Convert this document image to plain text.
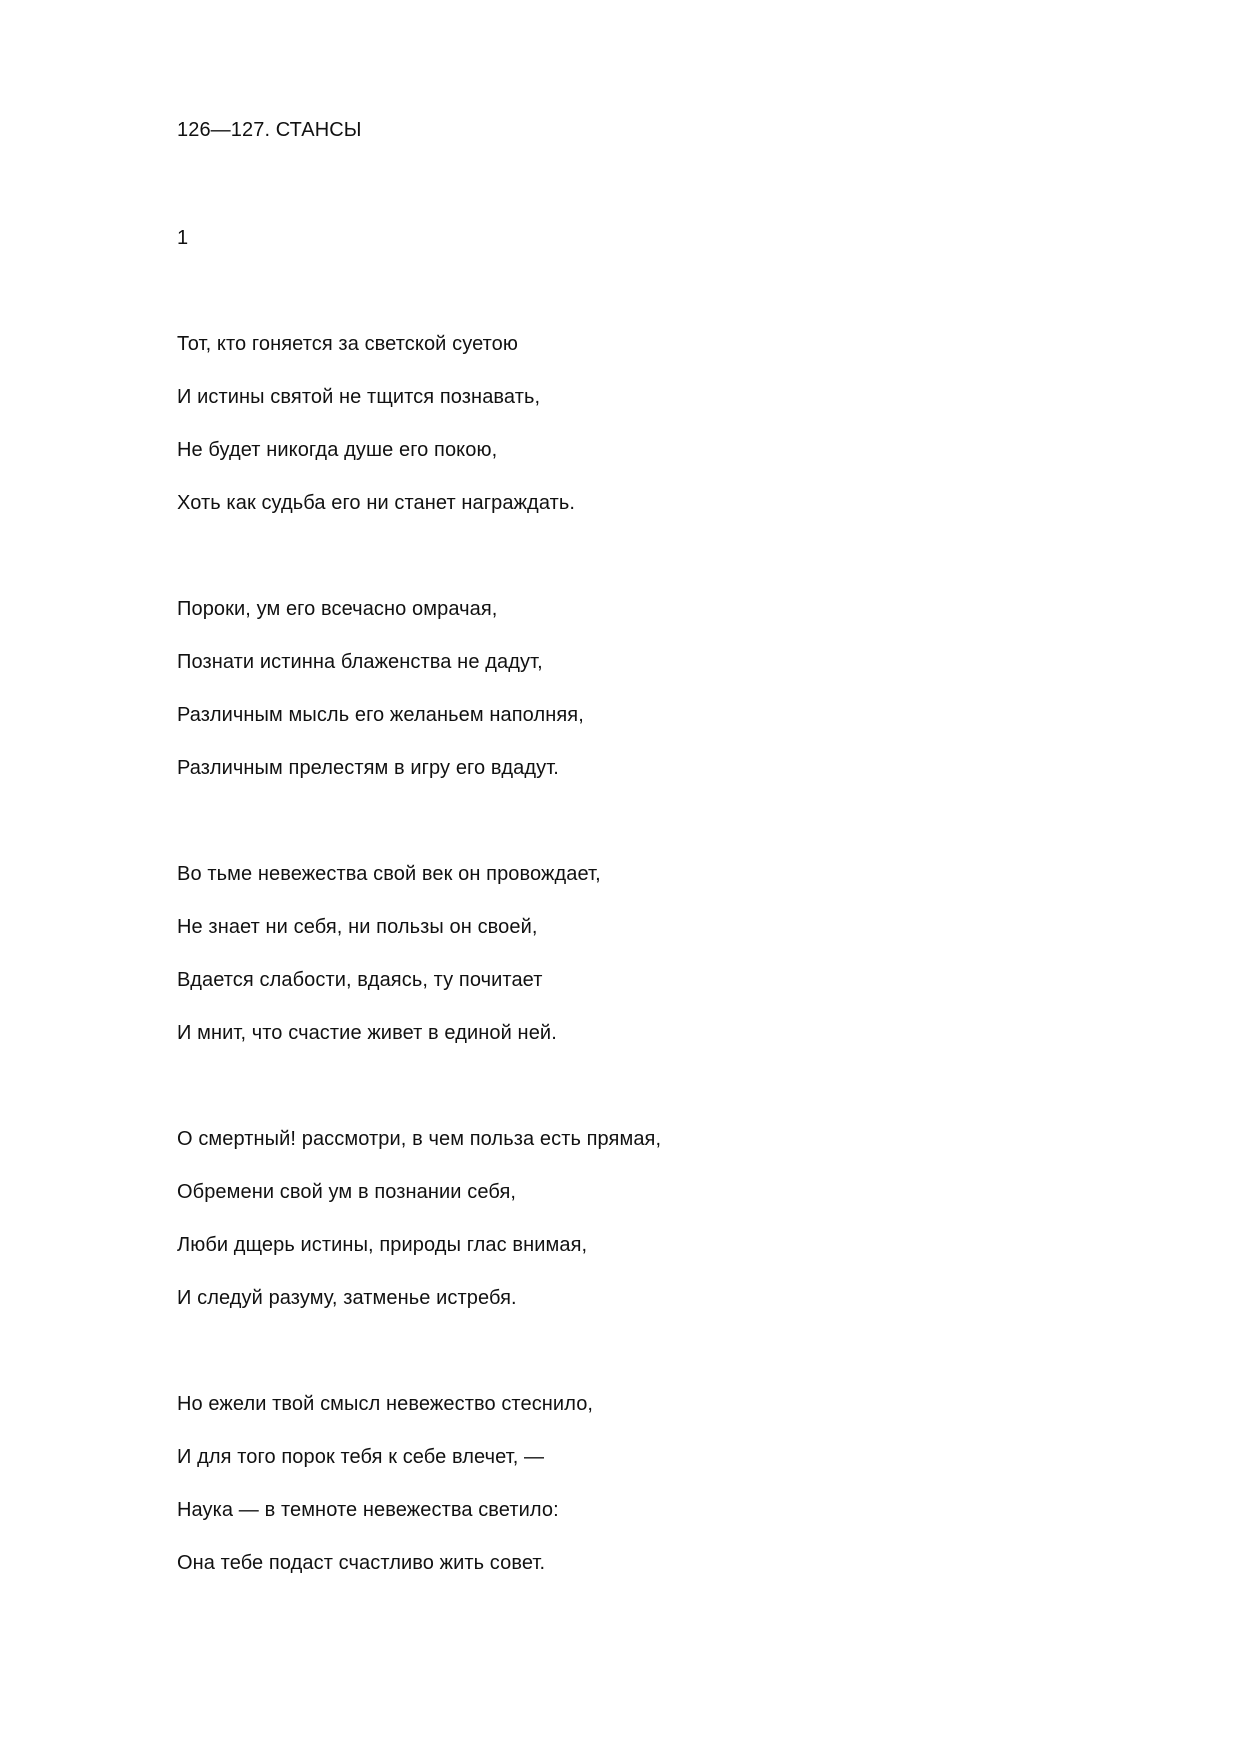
126—127. СТАНСЫ
1
Тот, кто гоняется за светской суетою
И истины святой не тщится познавать,
Не будет никогда душе его покою,
Хоть как судьба его ни станет награждать.
Пороки, ум его всечасно омрачая,
Познати истинна блаженства не дадут,
Различным мысль его желаньем наполняя,
Различным прелестям в игру его вдадут.
Во тьме невежества свой век он провождает,
Не знает ни себя, ни пользы он своей,
Вдается слабости, вдаясь, ту почитает
И мнит, что счастие живет в единой ней.
О смертный! рассмотри, в чем польза есть прямая,
Обремени свой ум в познании себя,
Люби дщерь истины, природы глас внимая,
И следуй разуму, затменье истребя.
Но ежели твой смысл невежество стеснило,
И для того порок тебя к себе влечет, —
Наука — в темноте невежества светило:
Она тебе подаст счастливо жить совет.
